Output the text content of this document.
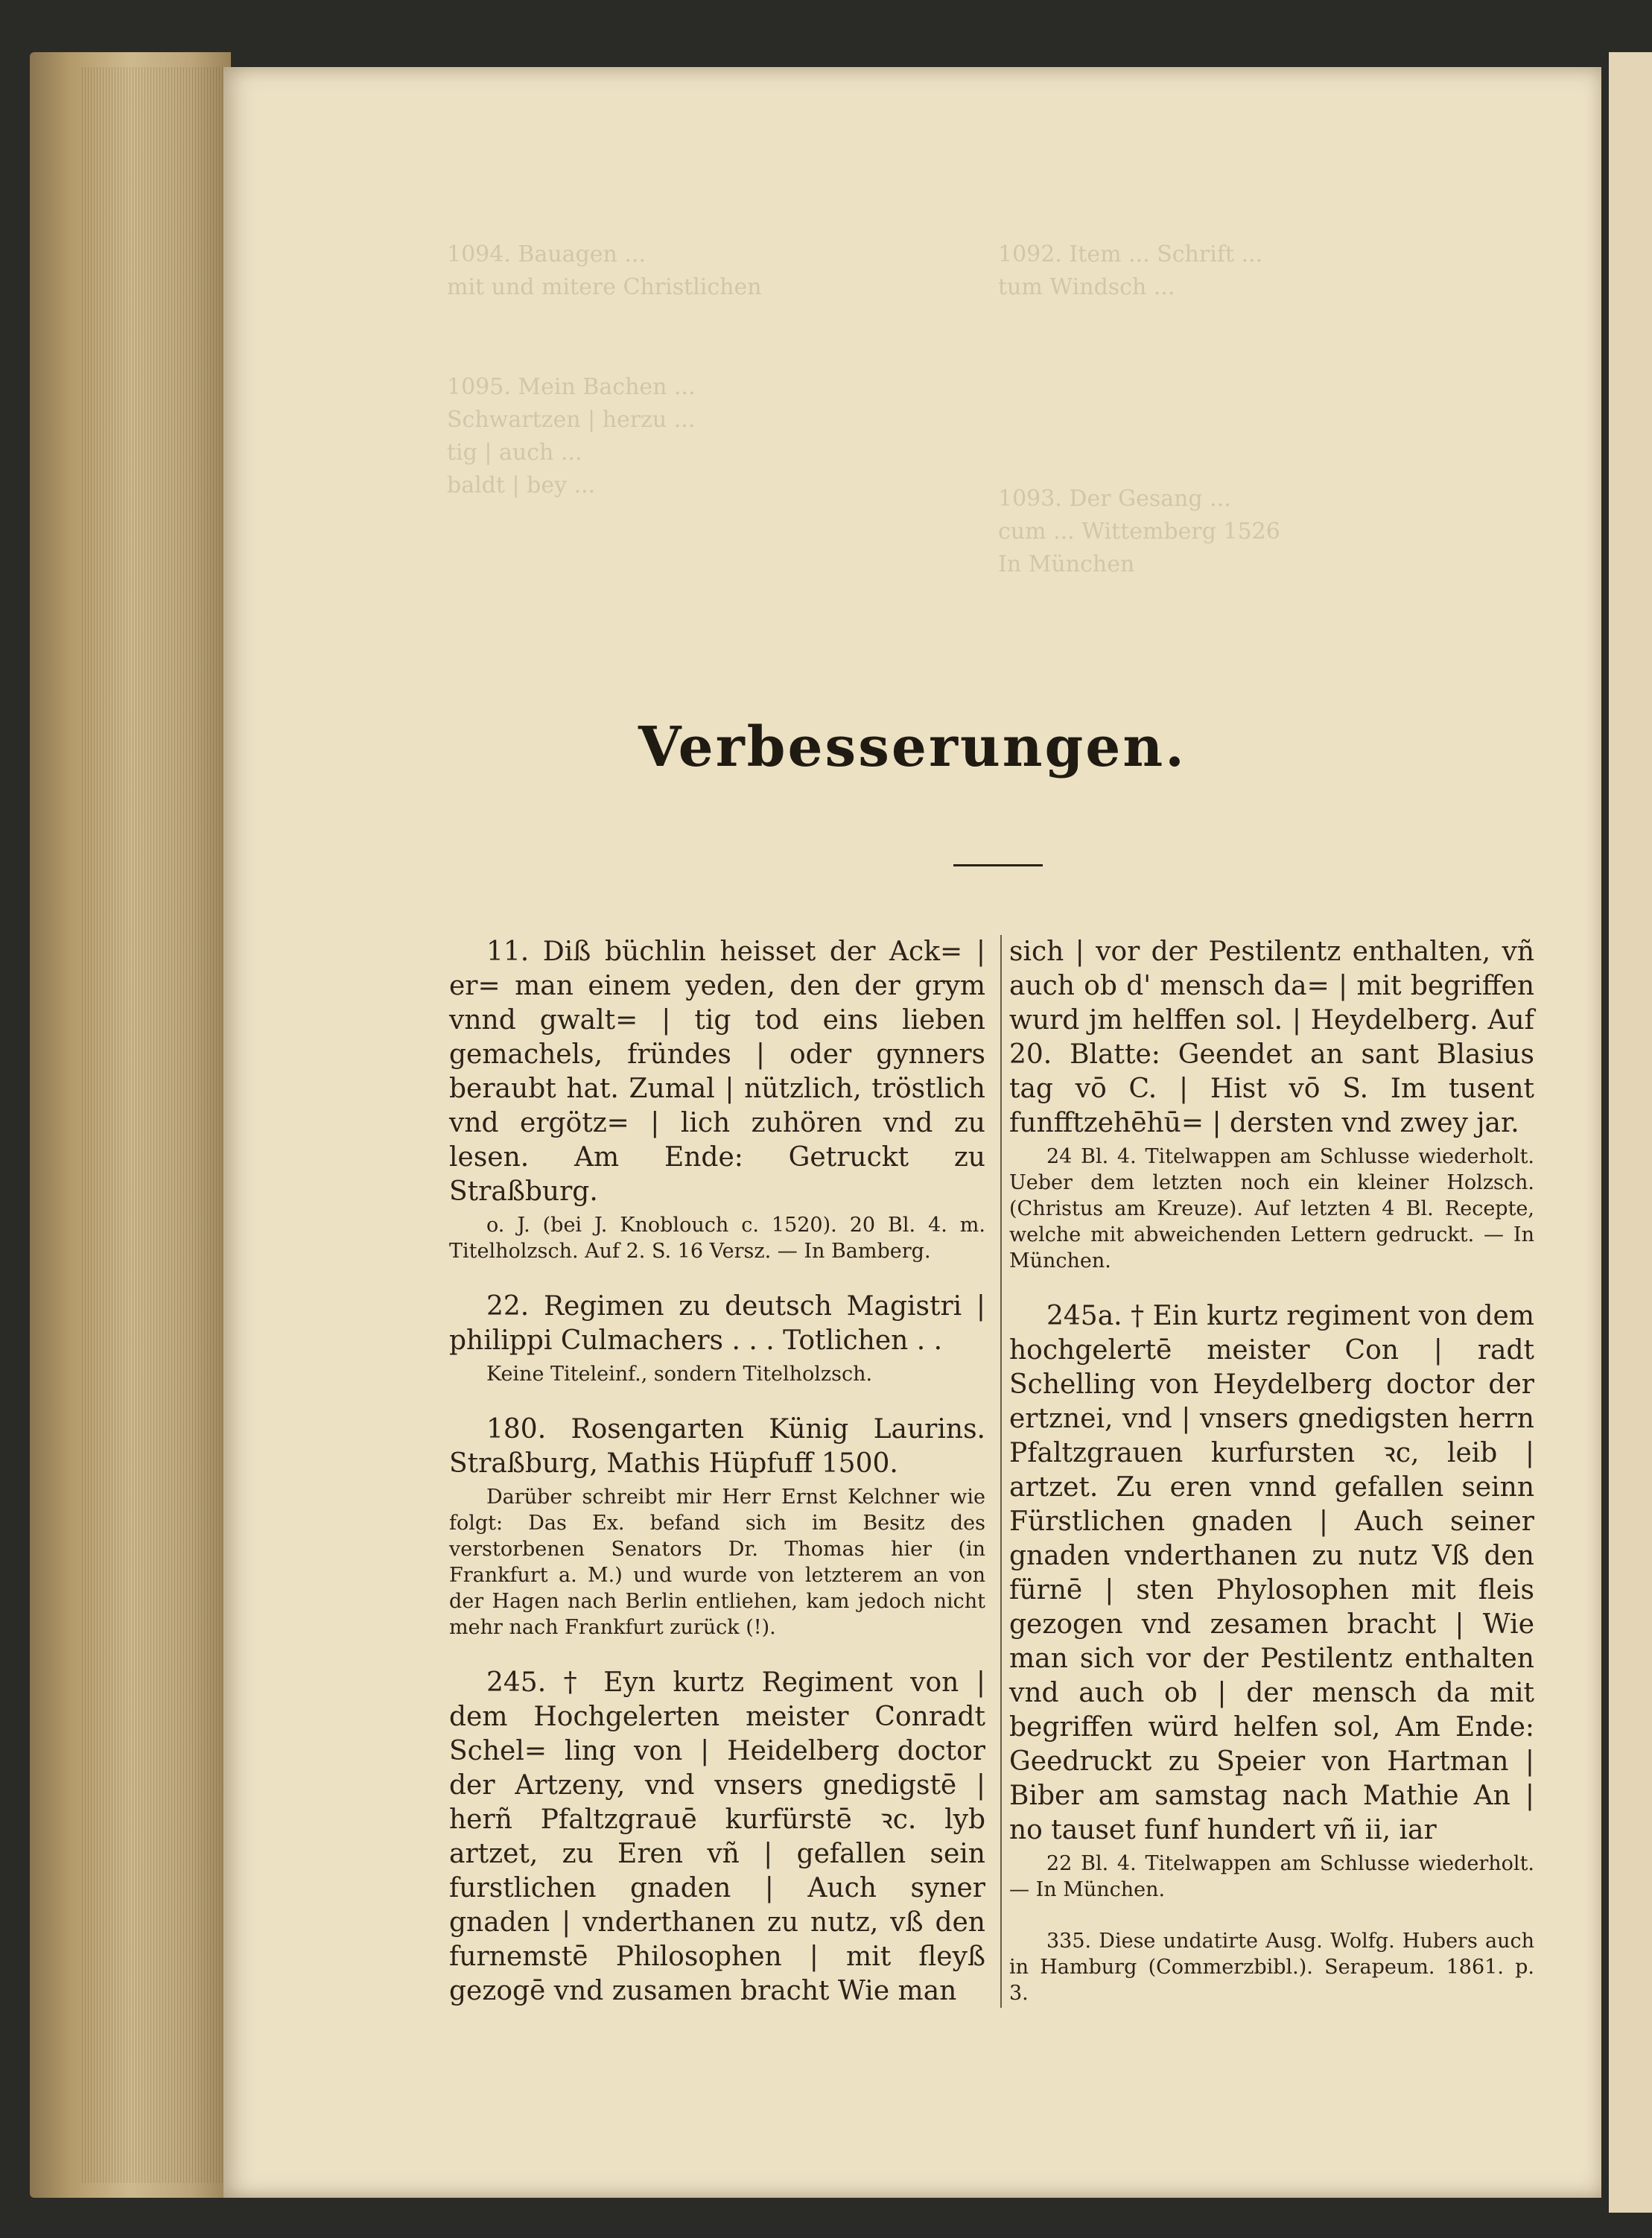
1094. Bauagen ...
mit und mitere Christlichen
1095. Mein Bachen ...
Schwartzen | herzu ...
tig | auch ...
baldt | bey ...
1092. Item ... Schrift ...
tum Windsch ...
1093. Der Gesang ...
cum ... Wittemberg 1526
In München
Verbesserungen.

11. Diß büchlin heisset der Ack= | er= man einem yeden, den der grym vnnd gwalt= | tig tod eins lieben gemachels, fründes | oder gynners beraubt hat. Zumal | nützlich, tröstlich vnd ergötz= | lich zuhören vnd zu lesen. Am Ende: Getruckt zu Straßburg.

o. J. (bei J. Knoblouch c. 1520). 20 Bl. 4. m. Titelholzsch. Auf 2. S. 16 Versz. — In Bamberg.

22. Regimen zu deutsch Magistri | philippi Culmachers . . . Totlichen . .

Keine Titeleinf., sondern Titelholzsch.

180. Rosengarten Künig Laurins. Straßburg, Mathis Hüpfuff 1500.

Darüber schreibt mir Herr Ernst Kelchner wie folgt: Das Ex. befand sich im Besitz des verstorbenen Senators Dr. Thomas hier (in Frankfurt a. M.) und wurde von letzterem an von der Hagen nach Berlin entliehen, kam jedoch nicht mehr nach Frankfurt zurück (!).

245. † Eyn kurtz Regiment von | dem Hochgelerten meister Conradt Schel= ling von | Heidelberg doctor der Artzeny, vnd vnsers gnedigstē | herñ Pfaltzgrauē kurfürstē ꝛc. lyb artzet, zu Eren vñ | gefallen sein furstlichen gnaden | Auch syner gnaden | vnderthanen zu nutz, vß den furnemstē Philosophen | mit fleyß gezogē vnd zusamen bracht Wie man

sich | vor der Pestilentz enthalten, vñ auch ob d' mensch da= | mit begriffen wurd jm helffen sol. | Heydelberg. Auf 20. Blatte: Geendet an sant Blasius tag vō C. | Hist vō S. Im tusent funfftzehēhū= | dersten vnd zwey jar.

24 Bl. 4. Titelwappen am Schlusse wiederholt. Ueber dem letzten noch ein kleiner Holzsch. (Christus am Kreuze). Auf letzten 4 Bl. Recepte, welche mit abweichenden Lettern gedruckt. — In München.

245a. † Ein kurtz regiment von dem hochgelertē meister Con | radt Schelling von Heydelberg doctor der ertznei, vnd | vnsers gnedigsten herrn Pfaltzgrauen kurfursten ꝛc, leib | artzet. Zu eren vnnd gefallen seinn Fürstlichen gnaden | Auch seiner gnaden vnderthanen zu nutz Vß den fürnē | sten Phylosophen mit fleis gezogen vnd zesamen bracht | Wie man sich vor der Pestilentz enthalten vnd auch ob | der mensch da mit begriffen würd helfen sol, Am Ende: Geedruckt zu Speier von Hartman | Biber am samstag nach Mathie An | no tauset funf hundert vñ ii, iar

22 Bl. 4. Titelwappen am Schlusse wiederholt. — In München.

335. Diese undatirte Ausg. Wolfg. Hubers auch in Hamburg (Commerzbibl.). Serapeum. 1861. p. 3.
